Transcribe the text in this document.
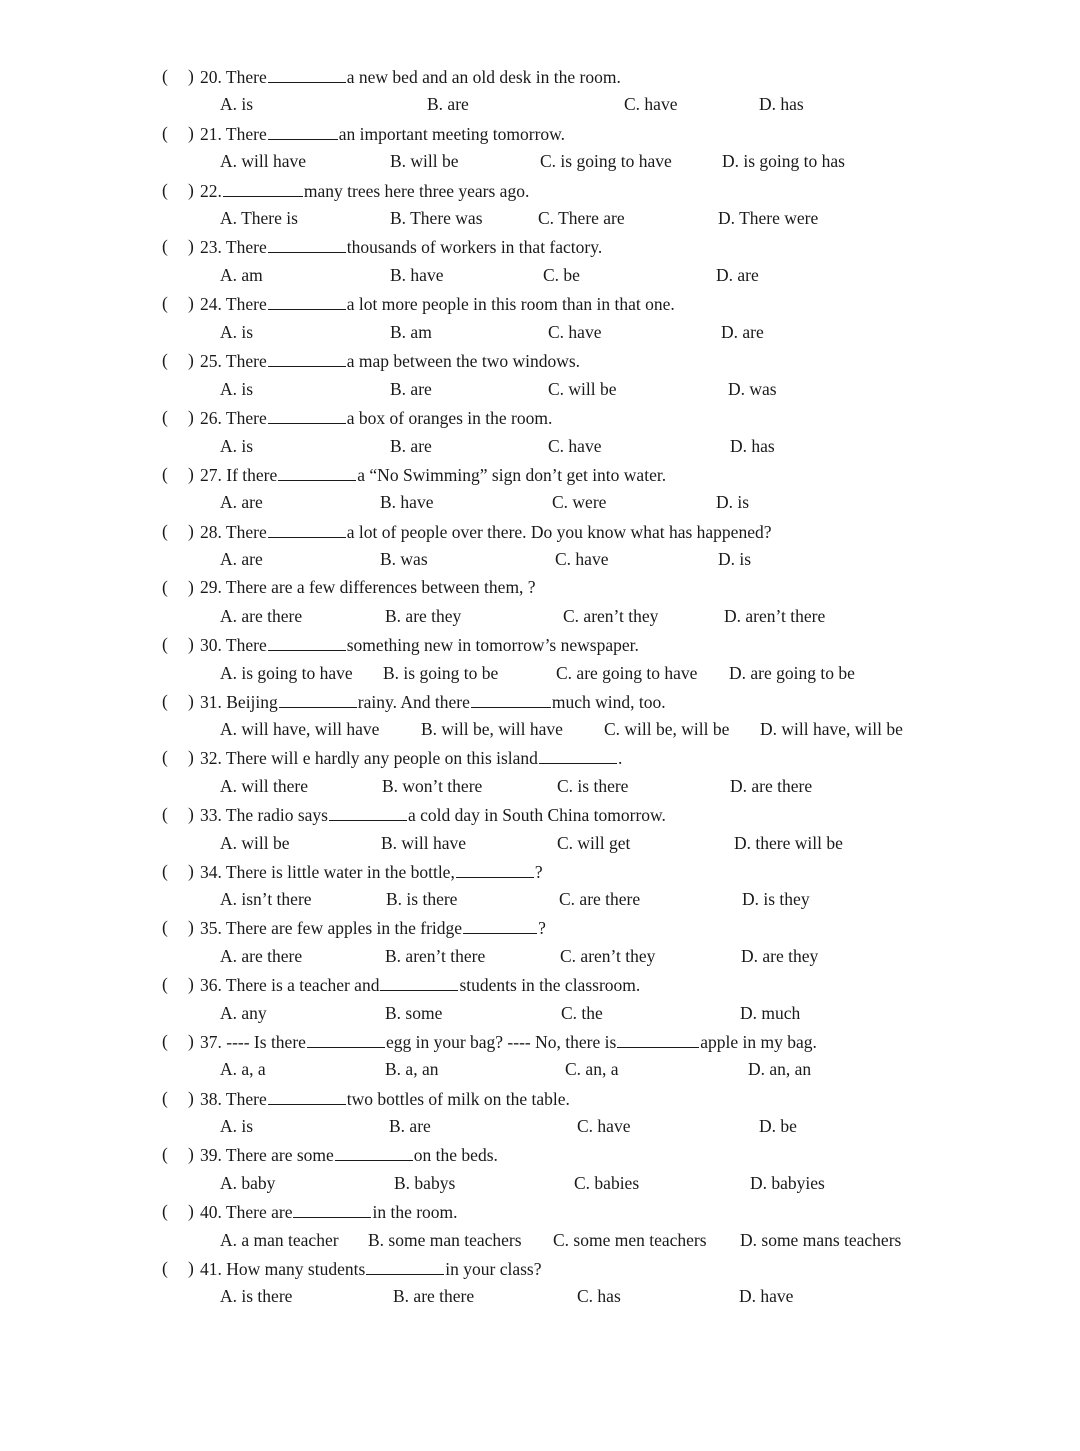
( ) 20. There	a new bed and an old desk in the room.
A. is	B. are	C. have	D. has
( ) 21. There	an important meeting tomorrow.
A. will have	B. will be	C. is going to have	D. is going to has
( ) 22.	many trees here three years ago.
A. There is	B. There was	C. There are	D. There were
( ) 23. There	thousands of workers in that factory.
A. am	B. have	C. be	D. are
( ) 24. There	a lot more people in this room than in that one.
A. is	B. am	C. have	D. are
( ) 25. There	a map between the two windows.
A. is	B. are	C. will be	D. was
( ) 26. There	a box of oranges in the room.
A. is	B. are	C. have	D. has
( ) 27. If there	a “No Swimming” sign don’t get into water.
A. are	B. have	C. were	D. is
( ) 28. There	a lot of people over there. Do you know what has happened?
A. are	B. was	C. have	D. is
( ) 29. There are a few differences between them, ?
A. are there	B. are they	C. aren’t they	D. aren’t there
( ) 30. There	something new in tomorrow’s newspaper.
A. is going to have B. is going to be	C. are going to have D. are going to be
( ) 31. Beijing	rainy. And there	much wind, too.
A. will have, will have B. will be, will have C. will be, will be D. will have, will be
( ) 32. There will e hardly any people on this island	.
A. will there	B. won’t there	C. is there	D. are there
( ) 33. The radio says	a cold day in South China tomorrow.
A. will be	B. will have	C. will get	D. there will be
( ) 34. There is little water in the bottle,	?
A. isn’t there	B. is there	C. are there	D. is they
( ) 35. There are few apples in the fridge	?
A. are there	B. aren’t there	C. aren’t they	D. are they
( ) 36. There is a teacher and	students in the classroom.
A. any	B. some	C. the	D. much
( ) 37. ---- Is there	egg in your bag? ---- No, there is	apple in my bag.
A. a, a	B. a, an	C. an, a	D. an, an
( ) 38. There	two bottles of milk on the table.
A. is	B. are	C. have	D. be
( ) 39. There are some	on the beds.
A. baby	B. babys	C. babies	D. babyies
( ) 40. There are	in the room.
A. a man teacher B. some man teachers C. some men teachers D. some mans teachers
( ) 41. How many students	in your class?
A. is there	B. are there	C. has	D. have
